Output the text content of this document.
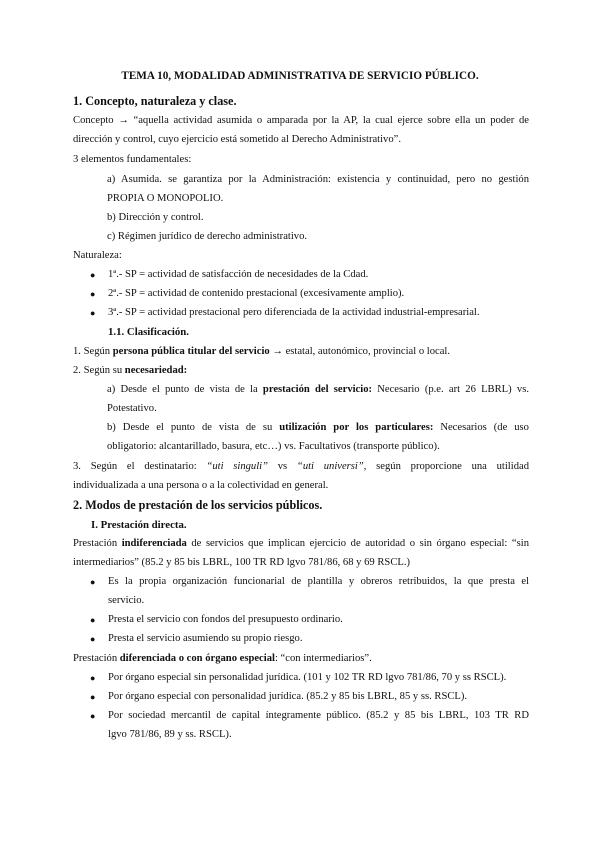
TEMA 10, MODALIDAD ADMINISTRATIVA DE SERVICIO PÚBLICO.
1. Concepto, naturaleza y clase.
Concepto → “aquella actividad asumida o amparada por la AP, la cual ejerce sobre ella un poder de
dirección y control, cuyo ejercicio está sometido al Derecho Administrativo”.
3 elementos fundamentales:
a) Asumida. se garantiza por la Administración: existencia y continuidad, pero no gestión
PROPIA O MONOPOLIO.
b) Dirección y control.
c) Régimen jurídico de derecho administrativo.
Naturaleza:
● 1ª.- SP = actividad de satisfacción de necesidades de la Cdad.
● 2ª.- SP = actividad de contenido prestacional (excesivamente amplio).
● 3ª.- SP = actividad prestacional pero diferenciada de la actividad industrial-empresarial.
1.1. Clasificación.
1. Según persona pública titular del servicio → estatal, autonómico, provincial o local.
2. Según su necesariedad:
a) Desde el punto de vista de la prestación del servicio: Necesario (p.e. art 26 LBRL) vs.
Potestativo.
b) Desde el punto de vista de su utilización por los particulares: Necesarios (de uso
obligatorio: alcantarillado, basura, etc…) vs. Facultativos (transporte público).
3. Según el destinatario: “uti singuli” vs “uti universi”, según proporcione una utilidad
individualizada a una persona o a la colectividad en general.
2. Modos de prestación de los servicios públicos.
I. Prestación directa.
Prestación indiferenciada de servicios que implican ejercicio de autoridad o sin órgano especial: “sin
intermediarios” (85.2 y 85 bis LBRL, 100 TR RD lgvo 781/86, 68 y 69 RSCL.)
● Es la propia organización funcionarial de plantilla y obreros retribuidos, la que presta el
servicio.
● Presta el servicio con fondos del presupuesto ordinario.
● Presta el servicio asumiendo su propio riesgo.
Prestación diferenciada o con órgano especial: “con intermediarios”.
● Por órgano especial sin personalidad jurídica. (101 y 102 TR RD lgvo 781/86, 70 y ss RSCL).
● Por órgano especial con personalidad jurídica. (85.2 y 85 bis LBRL, 85 y ss. RSCL).
● Por sociedad mercantil de capital íntegramente público. (85.2 y 85 bis LBRL, 103 TR RD
lgvo 781/86, 89 y ss. RSCL).
